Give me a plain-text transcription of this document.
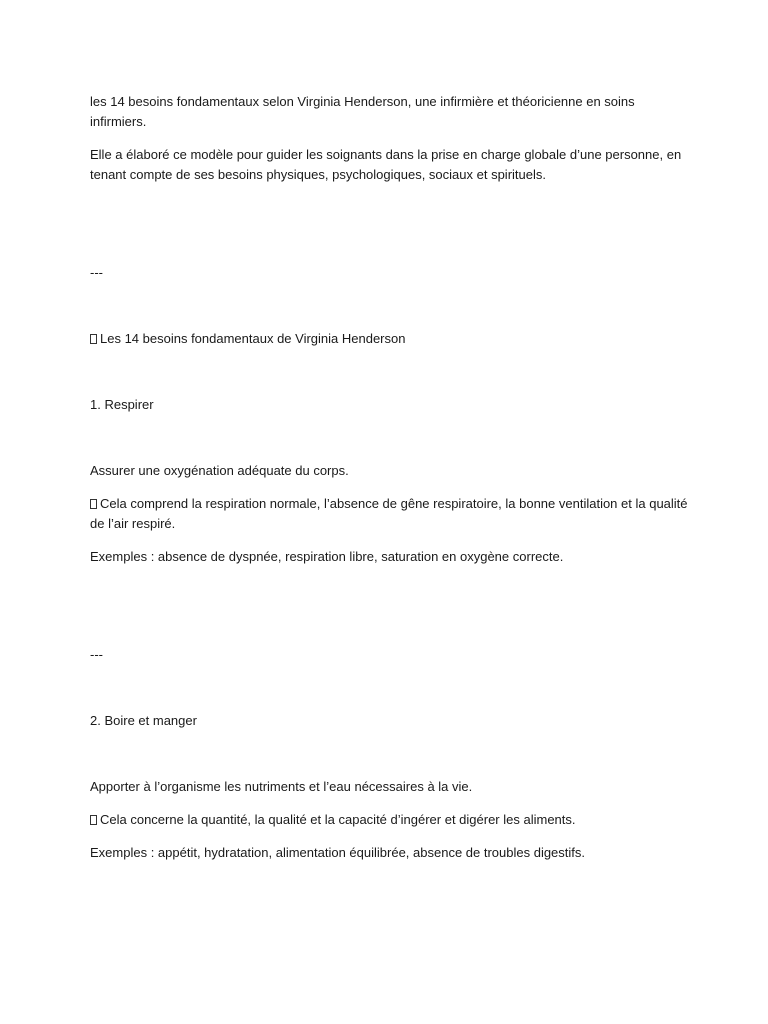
les 14 besoins fondamentaux selon Virginia Henderson, une infirmière et théoricienne en soins infirmiers.
Elle a élaboré ce modèle pour guider les soignants dans la prise en charge globale d’une personne, en tenant compte de ses besoins physiques, psychologiques, sociaux et spirituels.
---
Les 14 besoins fondamentaux de Virginia Henderson
1. Respirer
Assurer une oxygénation adéquate du corps.
Cela comprend la respiration normale, l’absence de gêne respiratoire, la bonne ventilation et la qualité de l’air respiré.
Exemples : absence de dyspnée, respiration libre, saturation en oxygène correcte.
---
2. Boire et manger
Apporter à l’organisme les nutriments et l’eau nécessaires à la vie.
Cela concerne la quantité, la qualité et la capacité d’ingérer et digérer les aliments.
Exemples : appétit, hydratation, alimentation équilibrée, absence de troubles digestifs.
